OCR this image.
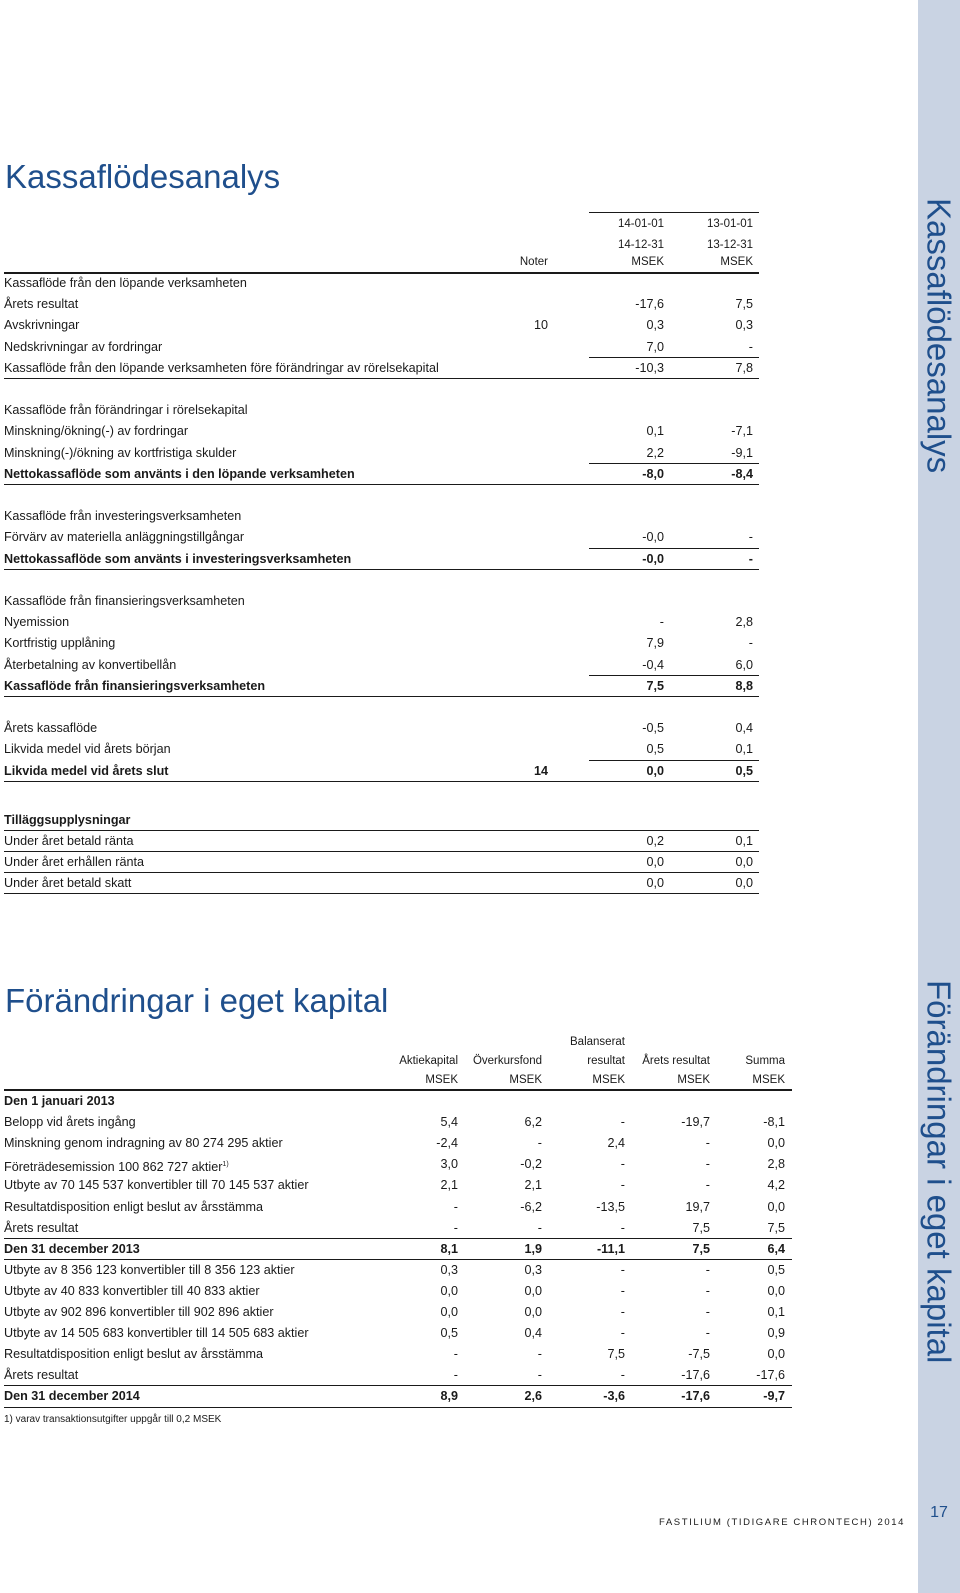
Kassaflödesanalys
Förändringar i eget kapital
17
FASTILIUM (TIDIGARE CHRONTECH) 2014
Kassaflödesanalys
14-01-01	13-01-01
14-12-31	13-12-31
Noter	MSEK	MSEK
Kassaflöde från den löpande verksamheten
Årets resultat	-17,6	7,5
Avskrivningar	10	0,3	0,3
Nedskrivningar av fordringar	7,0	-
Kassaflöde från den löpande verksamheten före förändringar av rörelsekapital	-10,3	7,8
Kassaflöde från förändringar i rörelsekapital
Minskning/ökning(-) av fordringar	0,1	-7,1
Minskning(-)/ökning av kortfristiga skulder	2,2	-9,1
Nettokassaflöde som använts i den löpande verksamheten	-8,0	-8,4
Kassaflöde från investeringsverksamheten
Förvärv av materiella anläggningstillgångar	-0,0	-
Nettokassaflöde som använts i investeringsverksamheten	-0,0	-
Kassaflöde från finansieringsverksamheten
Nyemission	-	2,8
Kortfristig upplåning	7,9	-
Återbetalning av konvertibellån	-0,4	6,0
Kassaflöde från finansieringsverksamheten	7,5	8,8
Årets kassaflöde	-0,5	0,4
Likvida medel vid årets början	0,5	0,1
Likvida medel vid årets slut	14	0,0	0,5
Tilläggsupplysningar
Under året betald ränta	0,2	0,1
Under året erhållen ränta	0,0	0,0
Under året betald skatt	0,0	0,0
Förändringar i eget kapital
Balanserat
Aktiekapital	Överkursfond	resultat	Årets resultat	Summa
MSEK	MSEK	MSEK	MSEK	MSEK
Den 1 januari 2013
Belopp vid årets ingång	5,4	6,2	-	-19,7	-8,1
Minskning genom indragning av 80 274 295 aktier	-2,4	-	2,4	-	0,0
Företrädesemission 100 862 727 aktier$^{1)}$	3,0	-0,2	-	-	2,8
Utbyte av 70 145 537 konvertibler till 70 145 537 aktier	2,1	2,1	-	-	4,2
Resultatdisposition enligt beslut av årsstämma	-	-6,2	-13,5	19,7	0,0
Årets resultat	-	-	-	7,5	7,5
Den 31 december 2013	8,1	1,9	-11,1	7,5	6,4
Utbyte av 8 356 123 konvertibler till 8 356 123 aktier	0,3	0,3	-	-	0,5
Utbyte av 40 833 konvertibler till 40 833 aktier	0,0	0,0	-	-	0,0
Utbyte av 902 896 konvertibler till 902 896 aktier	0,0	0,0	-	-	0,1
Utbyte av 14 505 683 konvertibler till 14 505 683 aktier	0,5	0,4	-	-	0,9
Resultatdisposition enligt beslut av årsstämma	-	-	7,5	-7,5	0,0
Årets resultat	-	-	-	-17,6	-17,6
Den 31 december 2014	8,9	2,6	-3,6	-17,6	-9,7
1) varav transaktionsutgifter uppgår till 0,2 MSEK
